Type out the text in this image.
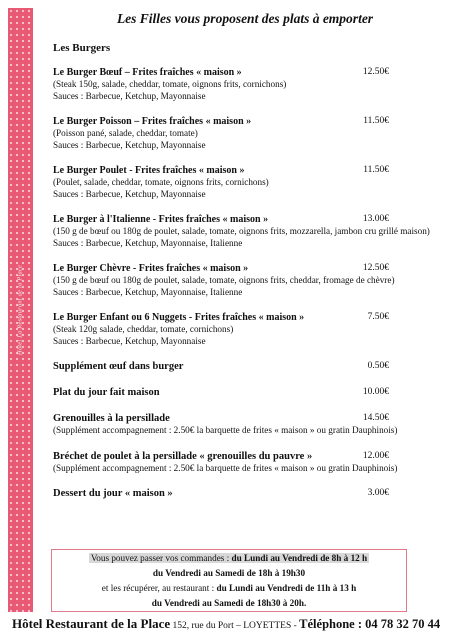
Hôtel La Restaurant de la Place
Les Filles vous proposent des plats à emporter
Les Burgers
Le Burger Bœuf – Frites fraîches « maison »	12.50€
(Steak 150g, salade, cheddar, tomate, oignons frits, cornichons)
Sauces : Barbecue, Ketchup, Mayonnaise
Le Burger Poisson – Frites fraîches « maison »	11.50€
(Poisson pané, salade, cheddar, tomate)
Sauces : Barbecue, Ketchup, Mayonnaise
Le Burger Poulet - Frites fraîches « maison »	11.50€
(Poulet, salade, cheddar, tomate, oignons frits, cornichons)
Sauces : Barbecue, Ketchup, Mayonnaise
Le Burger à l'Italienne - Frites fraîches « maison »	13.00€
(150 g de bœuf ou 180g de poulet, salade, tomate, oignons frits, mozzarella, jambon cru grillé maison)
Sauces : Barbecue, Ketchup, Mayonnaise, Italienne
Le Burger Chèvre - Frites fraîches « maison »	12.50€
(150 g de bœuf ou 180g de poulet, salade, tomate, oignons frits, cheddar, fromage de chèvre)
Sauces : Barbecue, Ketchup, Mayonnaise, Italienne
Le Burger Enfant ou 6 Nuggets - Frites fraîches « maison »	7.50€
(Steak 120g salade, cheddar, tomate, cornichons)
Sauces : Barbecue, Ketchup, Mayonnaise
Supplément œuf dans burger	0.50€
Plat du jour fait maison	10.00€
Grenouilles à la persillade	14.50€
(Supplément accompagnement : 2.50€ la barquette de frites « maison » ou gratin Dauphinois)
Bréchet de poulet à la persillade « grenouilles du pauvre »	12.00€
(Supplément accompagnement : 2.50€ la barquette de frites « maison » ou gratin Dauphinois)
Dessert du jour « maison »	3.00€
Vous pouvez passer vos commandes : du Lundi au Vendredi de 8h à 12 h
du Vendredi au Samedi de 18h à 19h30
et les récupérer, au restaurant : du Lundi au Vendredi de 11h à 13 h
du Vendredi au Samedi de 18h30 à 20h.
Hôtel Restaurant de la Place 152, rue du Port – LOYETTES - Téléphone : 04 78 32 70 44
